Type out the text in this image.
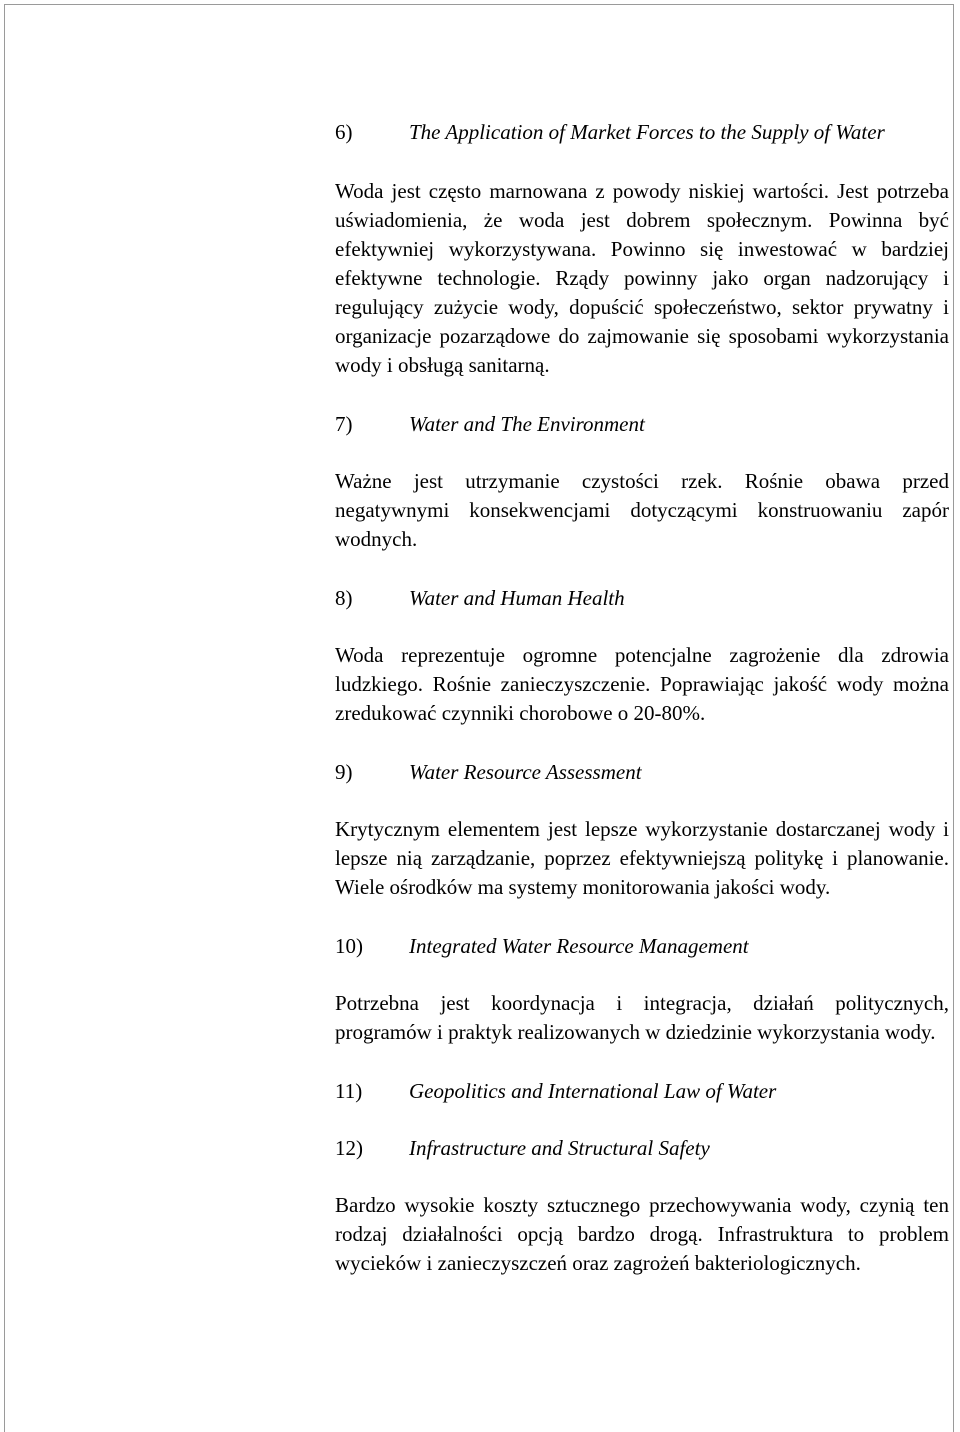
6)	The Application of Market Forces to the Supply of Water

Woda jest często marnowana z powody niskiej wartości. Jest potrzeba uświadomienia, że woda jest dobrem społecznym. Powinna być efektywniej wykorzystywana. Powinno się inwestować w bardziej efektywne technologie. Rządy powinny jako organ nadzorujący i regulujący zużycie wody, dopuścić społeczeństwo, sektor prywatny i organizacje pozarządowe do zajmowanie się sposobami wykorzystania wody i obsługą sanitarną.

7)	Water and The Environment

Ważne jest utrzymanie czystości rzek. Rośnie obawa przed negatywnymi konsekwencjami dotyczącymi konstruowaniu zapór wodnych.

8)	Water and Human Health

Woda reprezentuje ogromne potencjalne zagrożenie dla zdrowia ludzkiego. Rośnie zanieczyszczenie. Poprawiając jakość wody można zredukować czynniki chorobowe o 20-80%.

9)	Water Resource Assessment

Krytycznym elementem jest lepsze wykorzystanie dostarczanej wody i lepsze nią zarządzanie, poprzez efektywniejszą politykę i planowanie. Wiele ośrodków ma systemy monitorowania jakości wody.

10) Integrated Water Resource Management

Potrzebna jest koordynacja i integracja, działań politycznych, programów i praktyk realizowanych w dziedzinie wykorzystania wody.

11) Geopolitics and International Law of Water

12) Infrastructure and Structural Safety

Bardzo wysokie koszty sztucznego przechowywania wody, czynią ten rodzaj działalności opcją bardzo drogą. Infrastruktura to problem wycieków i zanieczyszczeń oraz zagrożeń bakteriologicznych.
